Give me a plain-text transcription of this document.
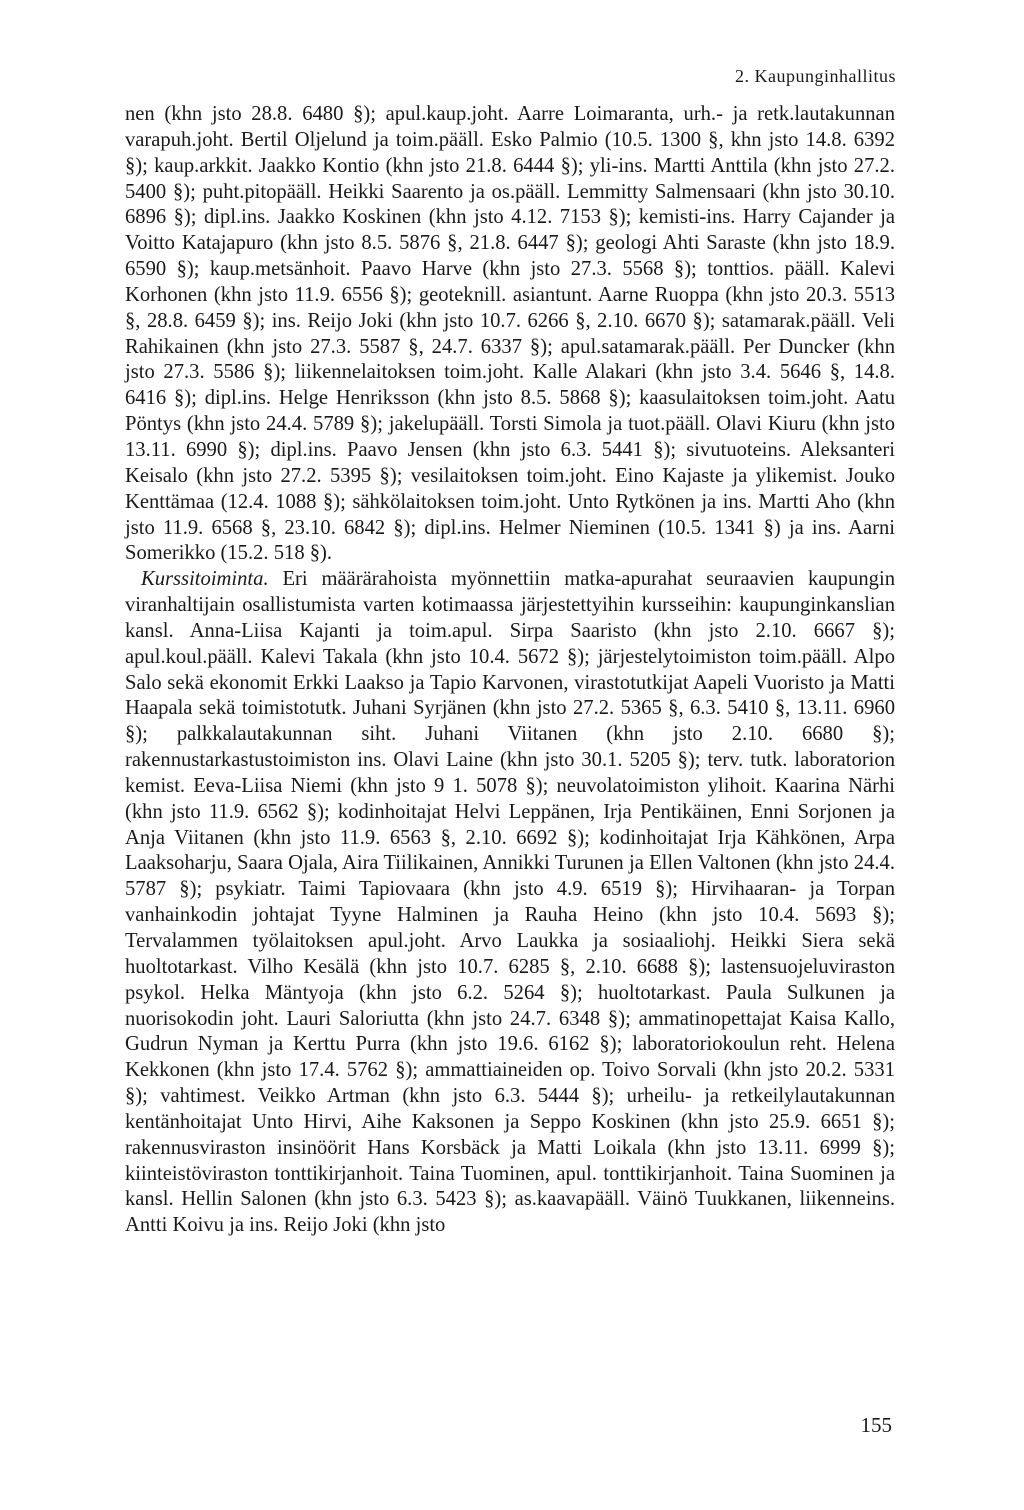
2. Kaupunginhallitus

nen (khn jsto 28.8. 6480 §); apul.kaup.joht. Aarre Loimaranta, urh.- ja retk.lautakunnan varapuh.joht. Bertil Oljelund ja toim.pääll. Esko Palmio (10.5. 1300 §, khn jsto 14.8. 6392 §); kaup.arkkit. Jaakko Kontio (khn jsto 21.8. 6444 §); yli-ins. Martti Anttila (khn jsto 27.2. 5400 §); puht.pitopääll. Heikki Saarento ja os.pääll. Lemmitty Salmensaari (khn jsto 30.10. 6896 §); dipl.ins. Jaakko Koskinen (khn jsto 4.12. 7153 §); kemisti-ins. Harry Cajander ja Voitto Katajapuro (khn jsto 8.5. 5876 §, 21.8. 6447 §); geologi Ahti Saraste (khn jsto 18.9. 6590 §); kaup.metsänhoit. Paavo Harve (khn jsto 27.3. 5568 §); tonttios. pääll. Kalevi Korhonen (khn jsto 11.9. 6556 §); geoteknill. asiantunt. Aarne Ruoppa (khn jsto 20.3. 5513 §, 28.8. 6459 §); ins. Reijo Joki (khn jsto 10.7. 6266 §, 2.10. 6670 §); satamarak.pääll. Veli Rahikainen (khn jsto 27.3. 5587 §, 24.7. 6337 §); apul.satamarak.pääll. Per Duncker (khn jsto 27.3. 5586 §); liikennelaitoksen toim.joht. Kalle Alakari (khn jsto 3.4. 5646 §, 14.8. 6416 §); dipl.ins. Helge Henriksson (khn jsto 8.5. 5868 §); kaasulaitoksen toim.joht. Aatu Pöntys (khn jsto 24.4. 5789 §); jakelupääll. Torsti Simola ja tuot.pääll. Olavi Kiuru (khn jsto 13.11. 6990 §); dipl.ins. Paavo Jensen (khn jsto 6.3. 5441 §); sivutuoteins. Aleksanteri Keisalo (khn jsto 27.2. 5395 §); vesilaitoksen toim.joht. Eino Kajaste ja ylikemist. Jouko Kenttämaa (12.4. 1088 §); sähkölaitoksen toim.joht. Unto Rytkönen ja ins. Martti Aho (khn jsto 11.9. 6568 §, 23.10. 6842 §); dipl.ins. Helmer Nieminen (10.5. 1341 §) ja ins. Aarni Somerikko (15.2. 518 §).

Kurssitoiminta. Eri määrärahoista myönnettiin matka-apurahat seuraavien kaupungin viranhaltijain osallistumista varten kotimaassa järjestettyihin kursseihin: kaupunginkanslian kansl. Anna-Liisa Kajanti ja toim.apul. Sirpa Saaristo (khn jsto 2.10. 6667 §); apul.koul.pääll. Kalevi Takala (khn jsto 10.4. 5672 §); järjestelytoimiston toim.pääll. Alpo Salo sekä ekonomit Erkki Laakso ja Tapio Karvonen, virastotutkijat Aapeli Vuoristo ja Matti Haapala sekä toimistotutk. Juhani Syrjänen (khn jsto 27.2. 5365 §, 6.3. 5410 §, 13.11. 6960 §); palkkalautakunnan siht. Juhani Viitanen (khn jsto 2.10. 6680 §); rakennustarkastustoimiston ins. Olavi Laine (khn jsto 30.1. 5205 §); terv. tutk. laboratorion kemist. Eeva-Liisa Niemi (khn jsto 9 1. 5078 §); neuvolatoimiston ylihoit. Kaarina Närhi (khn jsto 11.9. 6562 §); kodinhoitajat Helvi Leppänen, Irja Pentikäinen, Enni Sorjonen ja Anja Viitanen (khn jsto 11.9. 6563 §, 2.10. 6692 §); kodinhoitajat Irja Kähkönen, Arpa Laaksoharju, Saara Ojala, Aira Tiilikainen, Annikki Turunen ja Ellen Valtonen (khn jsto 24.4. 5787 §); psykiatr. Taimi Tapiovaara (khn jsto 4.9. 6519 §); Hirvihaaran- ja Torpan vanhainkodin johtajat Tyyne Halminen ja Rauha Heino (khn jsto 10.4. 5693 §); Tervalammen työlaitoksen apul.joht. Arvo Laukka ja sosiaaliohj. Heikki Siera sekä huoltotarkast. Vilho Kesälä (khn jsto 10.7. 6285 §, 2.10. 6688 §); lastensuojeluviraston psykol. Helka Mäntyoja (khn jsto 6.2. 5264 §); huoltotarkast. Paula Sulkunen ja nuorisokodin joht. Lauri Saloriutta (khn jsto 24.7. 6348 §); ammatinopettajat Kaisa Kallo, Gudrun Nyman ja Kerttu Purra (khn jsto 19.6. 6162 §); laboratoriokoulun reht. Helena Kekkonen (khn jsto 17.4. 5762 §); ammattiaineiden op. Toivo Sorvali (khn jsto 20.2. 5331 §); vahtimest. Veikko Artman (khn jsto 6.3. 5444 §); urheilu- ja retkeilylautakunnan kentänhoitajat Unto Hirvi, Aihe Kaksonen ja Seppo Koskinen (khn jsto 25.9. 6651 §); rakennusviraston insinöörit Hans Korsbäck ja Matti Loikala (khn jsto 13.11. 6999 §); kiinteistöviraston tonttikirjanhoit. Taina Tuominen, apul. tonttikirjanhoit. Taina Suominen ja kansl. Hellin Salonen (khn jsto 6.3. 5423 §); as.kaavapääll. Väinö Tuukkanen, liikenneins. Antti Koivu ja ins. Reijo Joki (khn jsto

155
